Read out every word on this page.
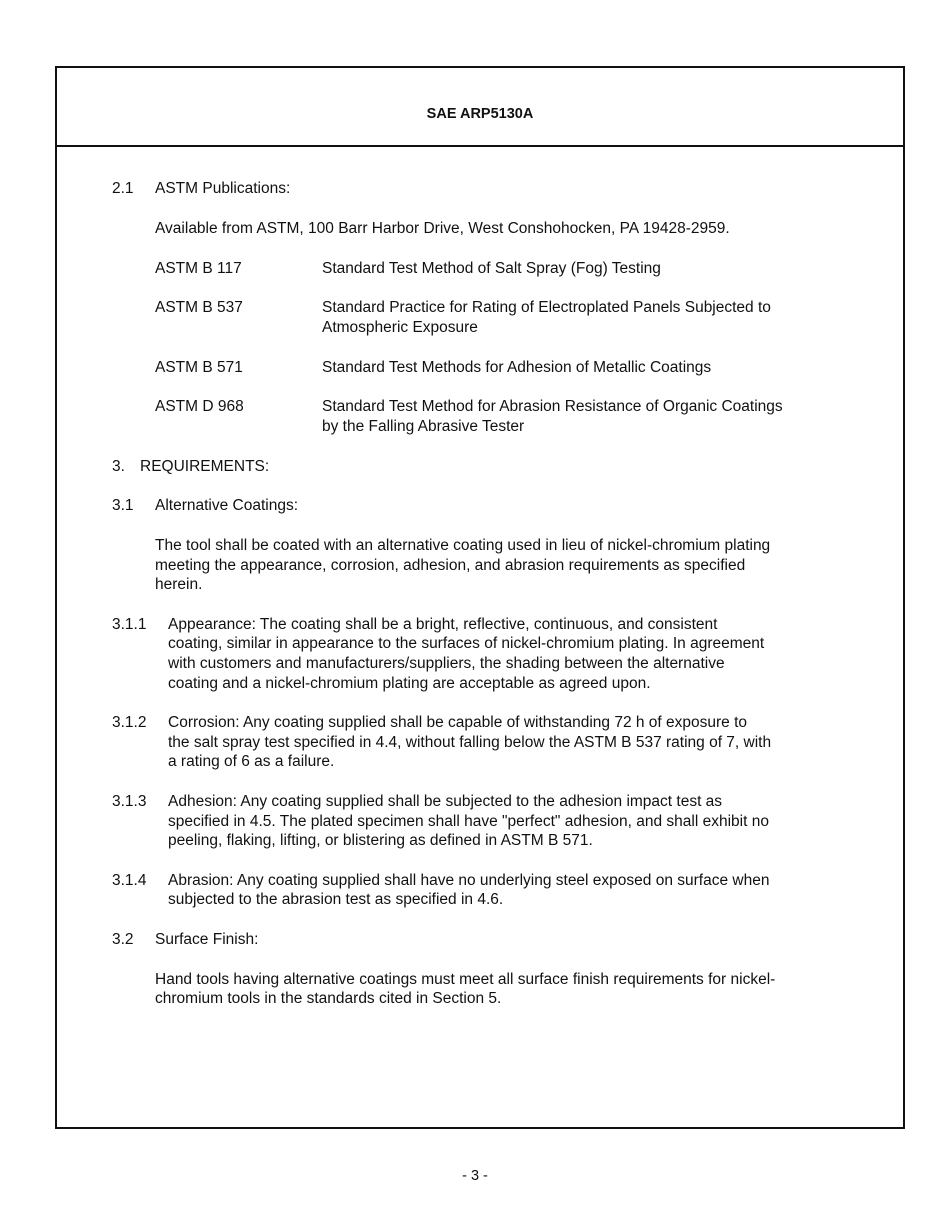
SAE ARP5130A
2.1 ASTM Publications:
Available from ASTM, 100 Barr Harbor Drive, West Conshohocken, PA 19428-2959.
ASTM B 117	Standard Test Method of Salt Spray (Fog) Testing
ASTM B 537	Standard Practice for Rating of Electroplated Panels Subjected to
Atmospheric Exposure
ASTM B 571	Standard Test Methods for Adhesion of Metallic Coatings
ASTM D 968	Standard Test Method for Abrasion Resistance of Organic Coatings
by the Falling Abrasive Tester
3. REQUIREMENTS:
3.1 Alternative Coatings:
The tool shall be coated with an alternative coating used in lieu of nickel-chromium plating
meeting the appearance, corrosion, adhesion, and abrasion requirements as specified
herein.
3.1.1 Appearance: The coating shall be a bright, reflective, continuous, and consistent
coating, similar in appearance to the surfaces of nickel-chromium plating. In agreement
with customers and manufacturers/suppliers, the shading between the alternative
coating and a nickel-chromium plating are acceptable as agreed upon.
3.1.2 Corrosion: Any coating supplied shall be capable of withstanding 72 h of exposure to
the salt spray test specified in 4.4, without falling below the ASTM B 537 rating of 7, with
a rating of 6 as a failure.
3.1.3 Adhesion: Any coating supplied shall be subjected to the adhesion impact test as
specified in 4.5. The plated specimen shall have "perfect" adhesion, and shall exhibit no
peeling, flaking, lifting, or blistering as defined in ASTM B 571.
3.1.4 Abrasion: Any coating supplied shall have no underlying steel exposed on surface when
subjected to the abrasion test as specified in 4.6.
3.2 Surface Finish:
Hand tools having alternative coatings must meet all surface finish requirements for nickel-
chromium tools in the standards cited in Section 5.
- 3 -
